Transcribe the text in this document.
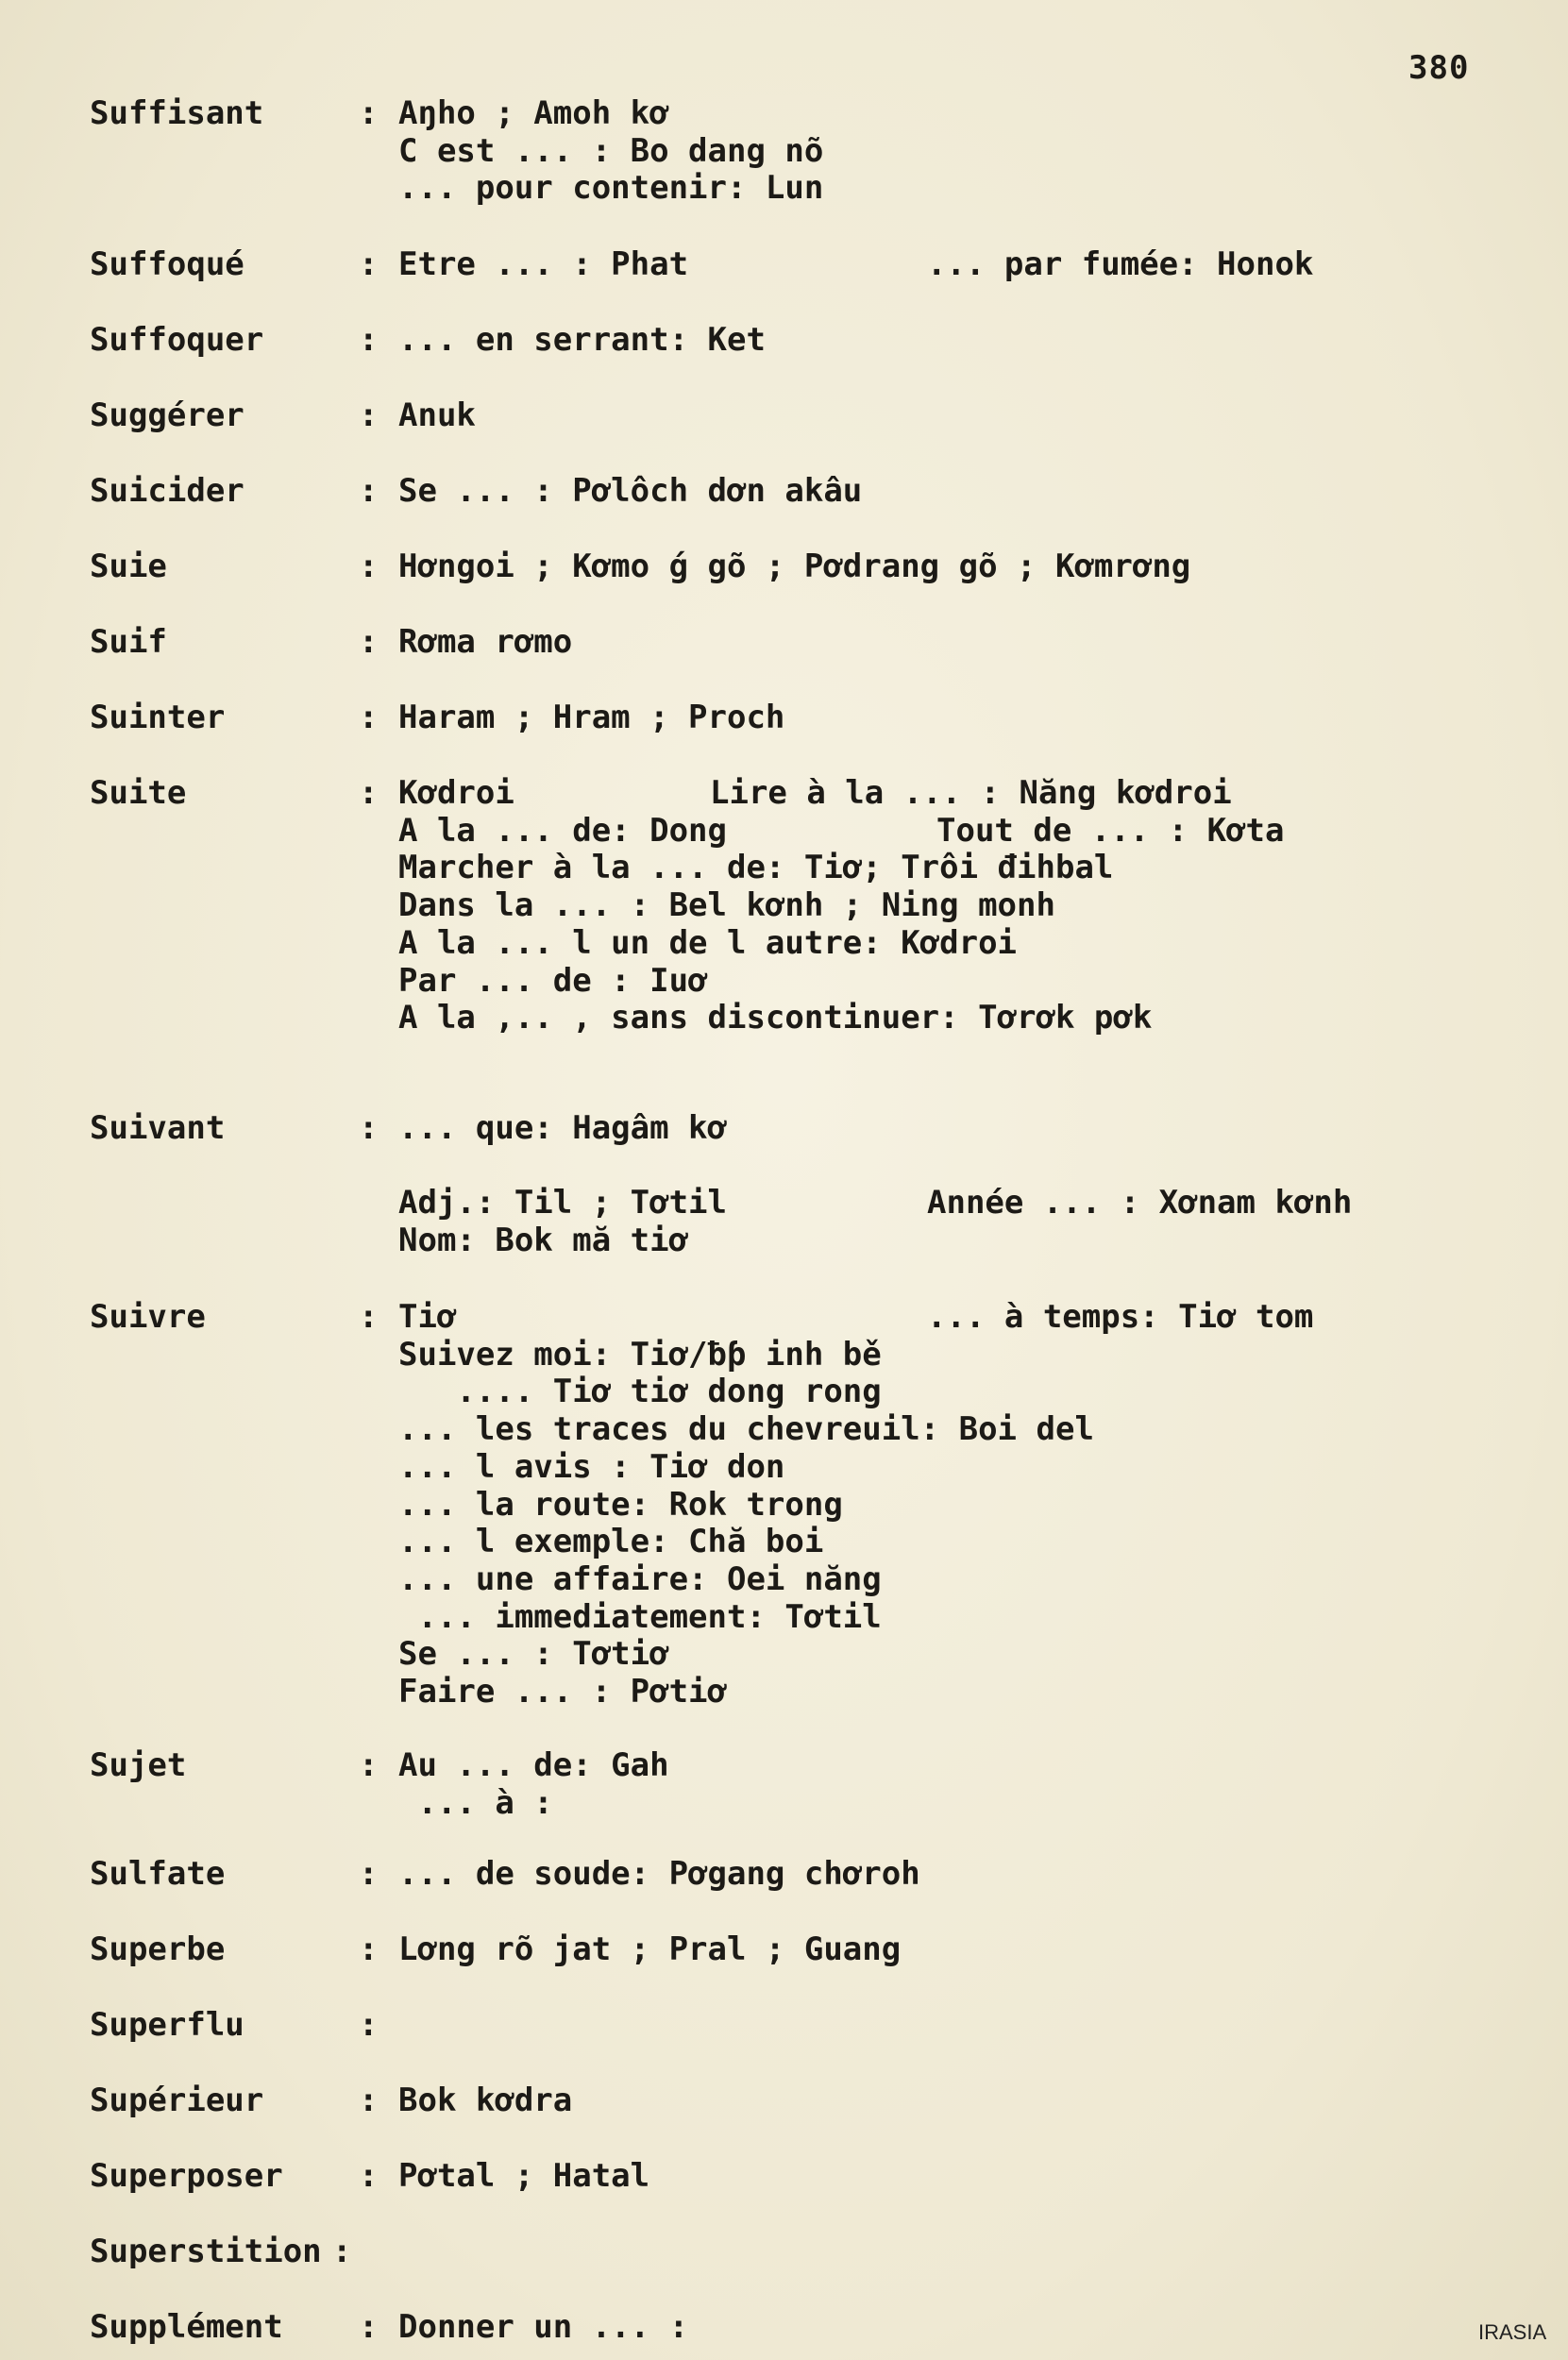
380
Suffisant	: Aŋho ; Amoh kơ
C est ... : Bo dang nõ
... pour contenir: Lun
Suffoqué	: Etre ... : Phat	... par fumée: Honok
Suffoquer	: ... en serrant: Ket
Suggérer	: Anuk
Suicider	: Se ... : Pơlôch dơn akâu
Suie	: Hơngoi ; Kơmo ǵ gõ ; Pơdrang gõ ; Kơmrơng
Suif	: Rơma rơmo
Suinter	: Haram ; Hram ; Proch
Suite	: Kơdroi	Lire à la ... : Năng kơdroi
A la ... de: Dong	Tout de ... : Kơta
Marcher à la ... de: Tiơ; Trôi đihbal
Dans la ... : Bel kơnh ; Ning monh
A la ... l un de l autre: Kơdroi
Par ... de : Iuơ
A la ,.. , sans discontinuer: Tơrơk pơk
Suivant	: ... que: Hagâm kơ
Adj.: Til ; Tơtil	Année ... : Xơnam kơnh
Nom: Bok mă tiơ
Suivre	: Tiơ	... à temps: Tiơ tom
Suivez moi: Tiơ/ƀƥ inh bě
.... Tiơ tiơ dong rong
... les traces du chevreuil: Boi del
... l avis : Tiơ don
... la route: Rok trong
... l exemple: Chă boi
... une affaire: Oei năng
... immediatement: Tơtil
Se ... : Tơtiơ
Faire ... : Pơtiơ
Sujet	: Au ... de: Gah
... à :
Sulfate	: ... de soude: Pơgang chơroh
Superbe	: Lơng rõ jat ; Pral ; Guang
Superflu	:
Supérieur	: Bok kơdra
Superposer : Pơtal ; Hatal
Superstition :
Supplément : Donner un ... :	IRASIA
